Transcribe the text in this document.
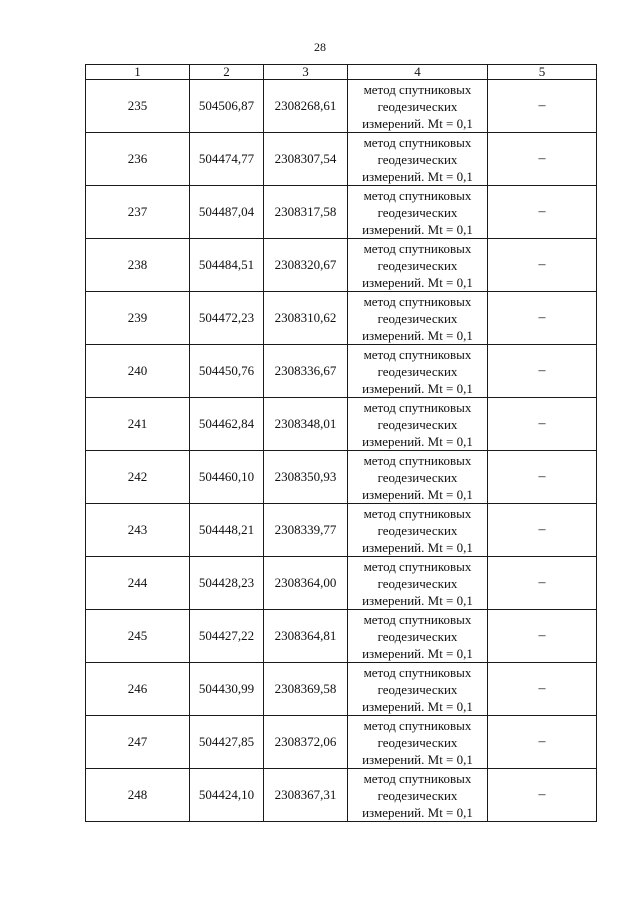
28
1	2	3	4	5
235	504506,87	2308268,61	метод спутниковых
геодезических
измерений. Mt = 0,1	–
236	504474,77	2308307,54	метод спутниковых
геодезических
измерений. Mt = 0,1	–
237	504487,04	2308317,58	метод спутниковых
геодезических
измерений. Mt = 0,1	–
238	504484,51	2308320,67	метод спутниковых
геодезических
измерений. Mt = 0,1	–
239	504472,23	2308310,62	метод спутниковых
геодезических
измерений. Mt = 0,1	–
240	504450,76	2308336,67	метод спутниковых
геодезических
измерений. Mt = 0,1	–
241	504462,84	2308348,01	метод спутниковых
геодезических
измерений. Mt = 0,1	–
242	504460,10	2308350,93	метод спутниковых
геодезических
измерений. Mt = 0,1	–
243	504448,21	2308339,77	метод спутниковых
геодезических
измерений. Mt = 0,1	–
244	504428,23	2308364,00	метод спутниковых
геодезических
измерений. Mt = 0,1	–
245	504427,22	2308364,81	метод спутниковых
геодезических
измерений. Mt = 0,1	–
246	504430,99	2308369,58	метод спутниковых
геодезических
измерений. Mt = 0,1	–
247	504427,85	2308372,06	метод спутниковых
геодезических
измерений. Mt = 0,1	–
248	504424,10	2308367,31	метод спутниковых
геодезических
измерений. Mt = 0,1	–
